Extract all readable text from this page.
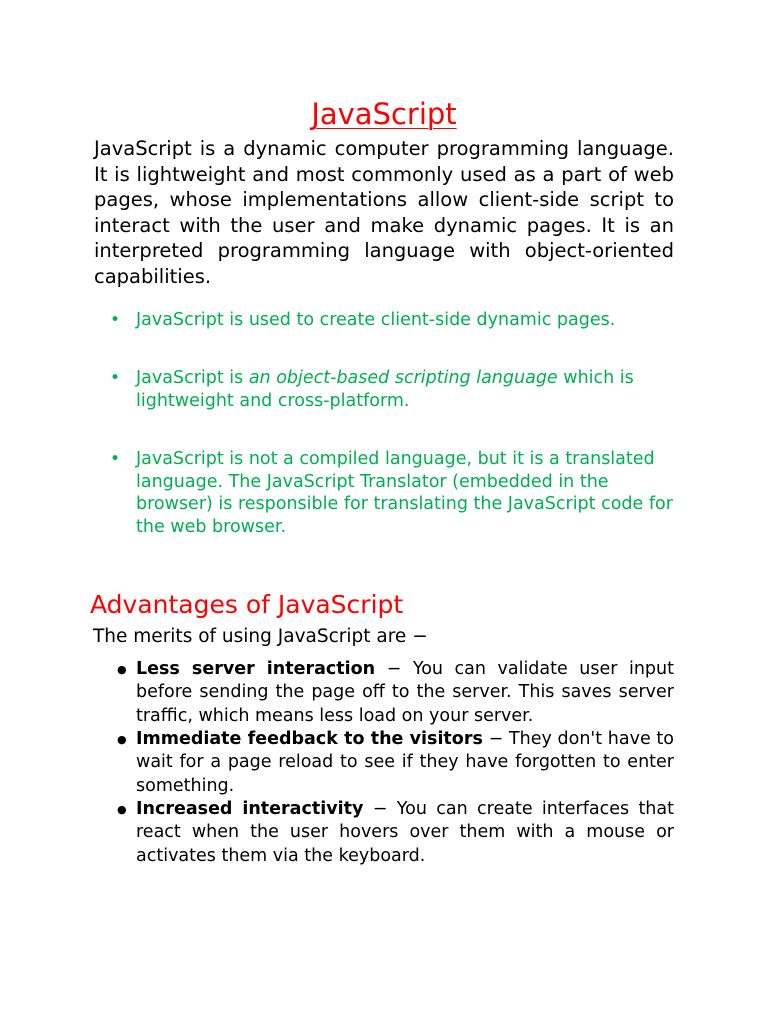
JavaScript

JavaScript is a dynamic computer programming language. It is lightweight and most commonly used as a part of web pages, whose implementations allow client-side script to interact with the user and make dynamic pages. It is an interpreted programming language with object-oriented capabilities.

• JavaScript is used to create client-side dynamic pages.
• JavaScript is an object-based scripting language which is lightweight and cross-platform.
• JavaScript is not a compiled language, but it is a translated language. The JavaScript Translator (embedded in the browser) is responsible for translating the JavaScript code for the web browser.
Advantages of JavaScript

The merits of using JavaScript are −

● Less server interaction − You can validate user input before sending the page off to the server. This saves server traffic, which means less load on your server.
● Immediate feedback to the visitors − They don't have to wait for a page reload to see if they have forgotten to enter something.
● Increased interactivity − You can create interfaces that react when the user hovers over them with a mouse or activates them via the keyboard.
